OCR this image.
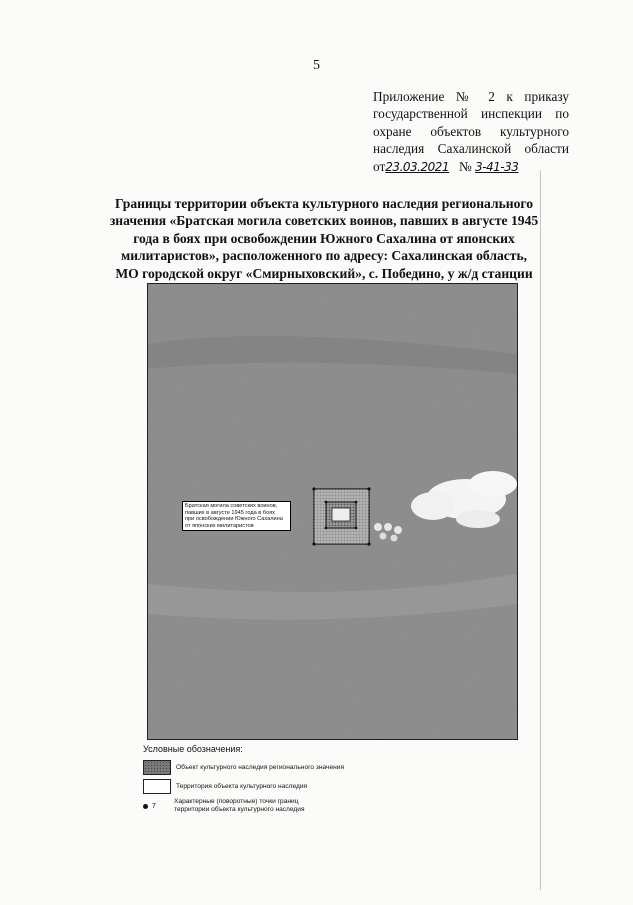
5
Приложение № 2 к приказу
государственной инспекции по
охране объектов культурного
наследия Сахалинской области
от23.03.2021 № 3-41-33
Границы территории объекта культурного наследия регионального
значения «Братская могила советских воинов, павших в августе 1945
года в боях при освобождении Южного Сахалина от японских
милитаристов», расположенного по адресу: Сахалинская область,
МО городской округ «Смирныховский», с. Победино, у ж/д станции
Братская могила советских воинов,
павших в августе 1945 года в боях
при освобождении Южного Сахалина
от японских милитаристов
Условные обозначения:
Объект культурного наследия регионального значения
Территория объекта культурного наследия
7
Характерные (поворотные) точки границ
территории объекта культурного наследия
